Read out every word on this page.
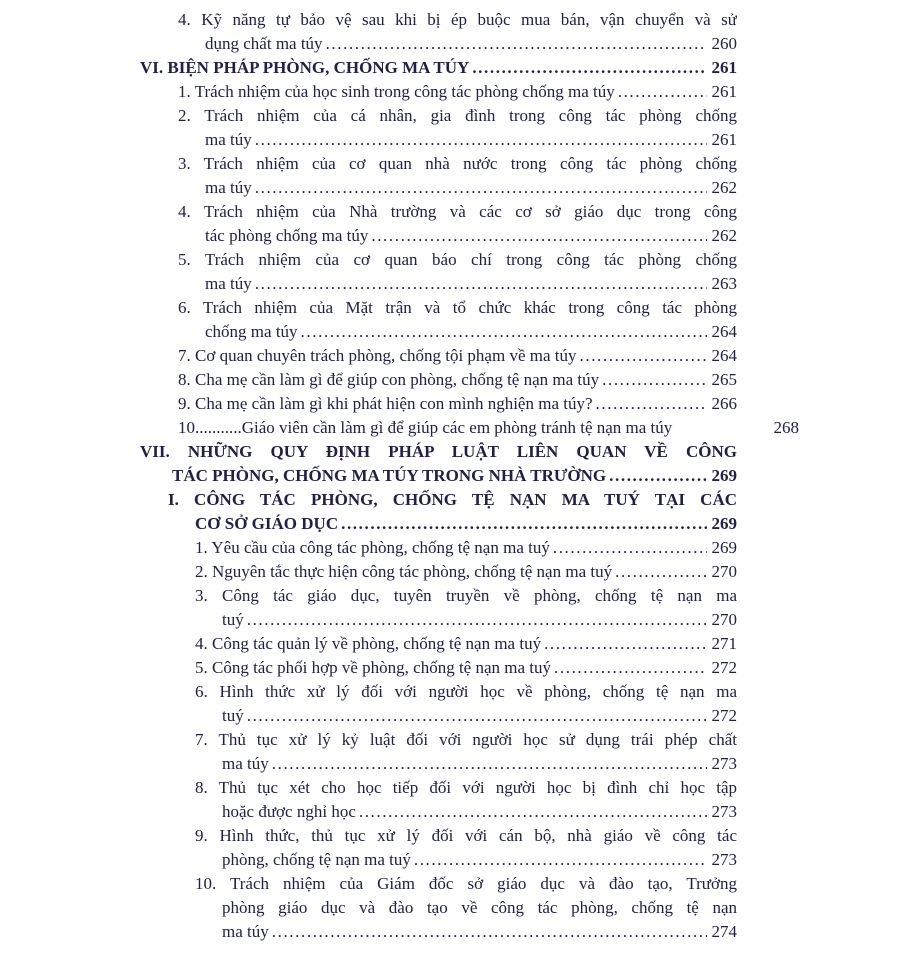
4. Kỹ năng tự bảo vệ sau khi bị ép buộc mua bán, vận chuyển và sử
dụng chất ma túy .....	260
VI. BIỆN PHÁP PHÒNG, CHỐNG MA TÚY .....	261
1. Trách nhiệm của học sinh trong công tác phòng chống ma túy .....	261
2. Trách nhiệm của cá nhân, gia đình trong công tác phòng chống
ma túy .....	261
3. Trách nhiệm của cơ quan nhà nước trong công tác phòng chống
ma túy .....	262
4. Trách nhiệm của Nhà trường và các cơ sở giáo dục trong công
tác phòng chống ma túy .....	262
5. Trách nhiệm của cơ quan báo chí trong công tác phòng chống
ma túy .....	263
6. Trách nhiệm của Mặt trận và tổ chức khác trong công tác phòng
chống ma túy .....	264
7. Cơ quan chuyên trách phòng, chống tội phạm về ma túy .....	264
8. Cha mẹ cần làm gì để giúp con phòng, chống tệ nạn ma túy .....	265
9. Cha mẹ cần làm gì khi phát hiện con mình nghiện ma túy? .....	266
10...........Giáo viên cần làm gì để giúp các em phòng tránh tệ nạn ma túy	268
VII. NHỮNG QUY ĐỊNH PHÁP LUẬT LIÊN QUAN VỀ CÔNG
TÁC PHÒNG, CHỐNG MA TÚY TRONG NHÀ TRƯỜNG .....	269
I. CÔNG TÁC PHÒNG, CHỐNG TỆ NẠN MA TUÝ TẠI CÁC
CƠ SỞ GIÁO DỤC .....	269
1. Yêu cầu của công tác phòng, chống tệ nạn ma tuý .....	269
2. Nguyên tắc thực hiện công tác phòng, chống tệ nạn ma tuý .....	270
3. Công tác giáo dục, tuyên truyền về phòng, chống tệ nạn ma
tuý .....	270
4. Công tác quản lý về phòng, chống tệ nạn ma tuý .....	271
5. Công tác phối hợp về phòng, chống tệ nạn ma tuý .....	272
6. Hình thức xử lý đối với người học về phòng, chống tệ nạn ma
tuý .....	272
7. Thủ tục xử lý kỷ luật đối với người học sử dụng trái phép chất
ma túy .....	273
8. Thủ tục xét cho học tiếp đối với người học bị đình chỉ học tập
hoặc được nghỉ học .....	273
9. Hình thức, thủ tục xử lý đối với cán bộ, nhà giáo về công tác
phòng, chống tệ nạn ma tuý .....	273
10. Trách nhiệm của Giám đốc sở giáo dục và đào tạo, Trưởng
phòng giáo dục và đào tạo về công tác phòng, chống tệ nạn
ma túy .....	274
